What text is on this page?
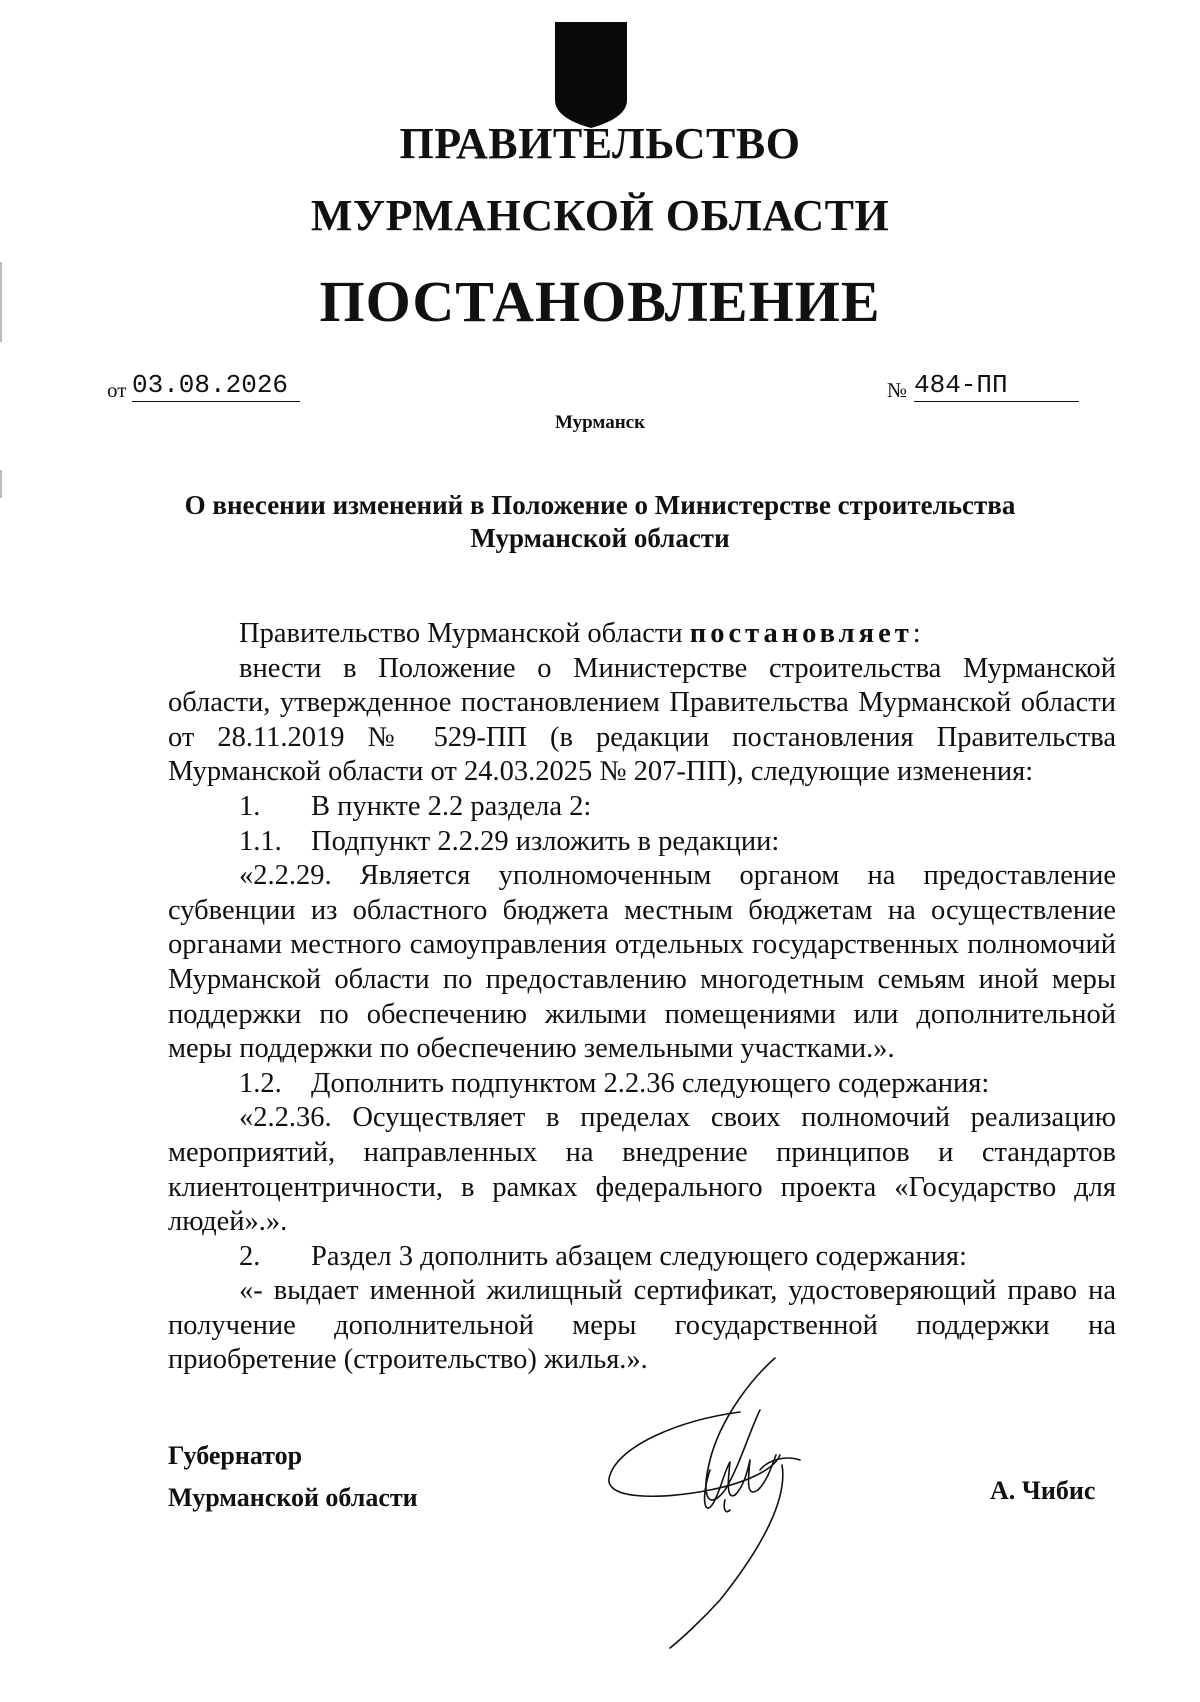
ПРАВИТЕЛЬСТВО
МУРМАНСКОЙ ОБЛАСТИ
ПОСТАНОВЛЕНИЕ
от 03.08.2026	№ 484-ПП
Мурманск
О внесении изменений в Положение о Министерстве строительства
Мурманской области

Правительство Мурманской области постановляет:

внести в Положение о Министерстве строительства Мурманской области, утвержденное постановлением Правительства Мурманской области от 28.11.2019 № 529-ПП (в редакции постановления Правительства Мурманской области от 24.03.2025 № 207-ПП), следующие изменения:

1.	В пункте 2.2 раздела 2:

1.1.	Подпункт 2.2.29 изложить в редакции:

«2.2.29. Является уполномоченным органом на предоставление субвенции из областного бюджета местным бюджетам на осуществление органами местного самоуправления отдельных государственных полномочий Мурманской области по предоставлению многодетным семьям иной меры поддержки по обеспечению жилыми помещениями или дополнительной меры поддержки по обеспечению земельными участками.».

1.2.	Дополнить подпунктом 2.2.36 следующего содержания:

«2.2.36. Осуществляет в пределах своих полномочий реализацию мероприятий, направленных на внедрение принципов и стандартов клиентоцентричности, в рамках федерального проекта «Государство для людей».».

2.	Раздел 3 дополнить абзацем следующего содержания:

«- выдает именной жилищный сертификат, удостоверяющий право на получение дополнительной меры государственной поддержки на приобретение (строительство) жилья.».

Губернатор
Мурманской области	А. Чибис
